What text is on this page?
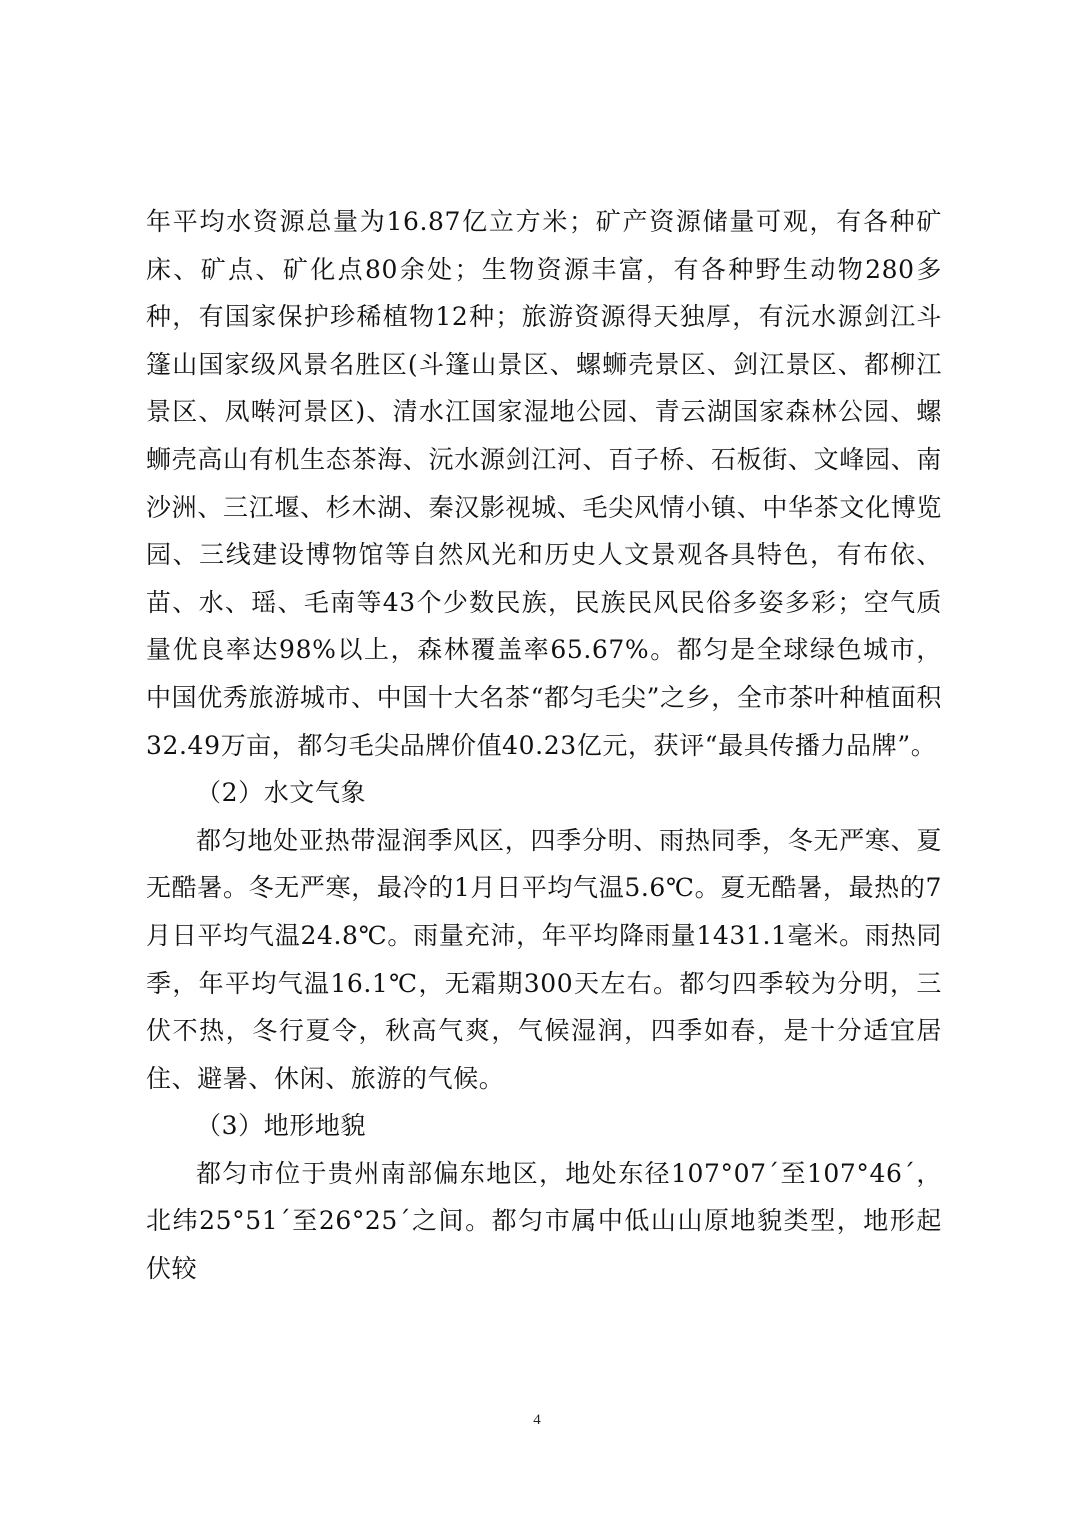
年平均水资源总量为16.87亿立方米；矿产资源储量可观，有各种矿床、矿点、矿化点80余处；生物资源丰富，有各种野生动物280多种，有国家保护珍稀植物12种；旅游资源得天独厚，有沅水源剑江斗篷山国家级风景名胜区(斗篷山景区、螺蛳壳景区、剑江景区、都柳江景区、凤啭河景区)、清水江国家湿地公园、青云湖国家森林公园、螺蛳壳高山有机生态茶海、沅水源剑江河、百子桥、石板街、文峰园、南沙洲、三江堰、杉木湖、秦汉影视城、毛尖风情小镇、中华茶文化博览园、三线建设博物馆等自然风光和历史人文景观各具特色，有布依、苗、水、瑶、毛南等43个少数民族，民族民风民俗多姿多彩；空气质量优良率达98%以上，森林覆盖率65.67%。都匀是全球绿色城市，中国优秀旅游城市、中国十大名茶“都匀毛尖”之乡，全市茶叶种植面积32.49万亩，都匀毛尖品牌价值40.23亿元，获评“最具传播力品牌”。

（2）水文气象

都匀地处亚热带湿润季风区，四季分明、雨热同季，冬无严寒、夏无酷暑。冬无严寒，最冷的1月日平均气温5.6℃。夏无酷暑，最热的7月日平均气温24.8℃。雨量充沛，年平均降雨量1431.1毫米。雨热同季，年平均气温16.1℃，无霜期300天左右。都匀四季较为分明，三伏不热，冬行夏令，秋高气爽，气候湿润，四季如春，是十分适宜居住、避暑、休闲、旅游的气候。

（3）地形地貌

都匀市位于贵州南部偏东地区，地处东径107°07´至107°46´，北纬25°51´至26°25´之间。都匀市属中低山山原地貌类型，地形起伏较

4
